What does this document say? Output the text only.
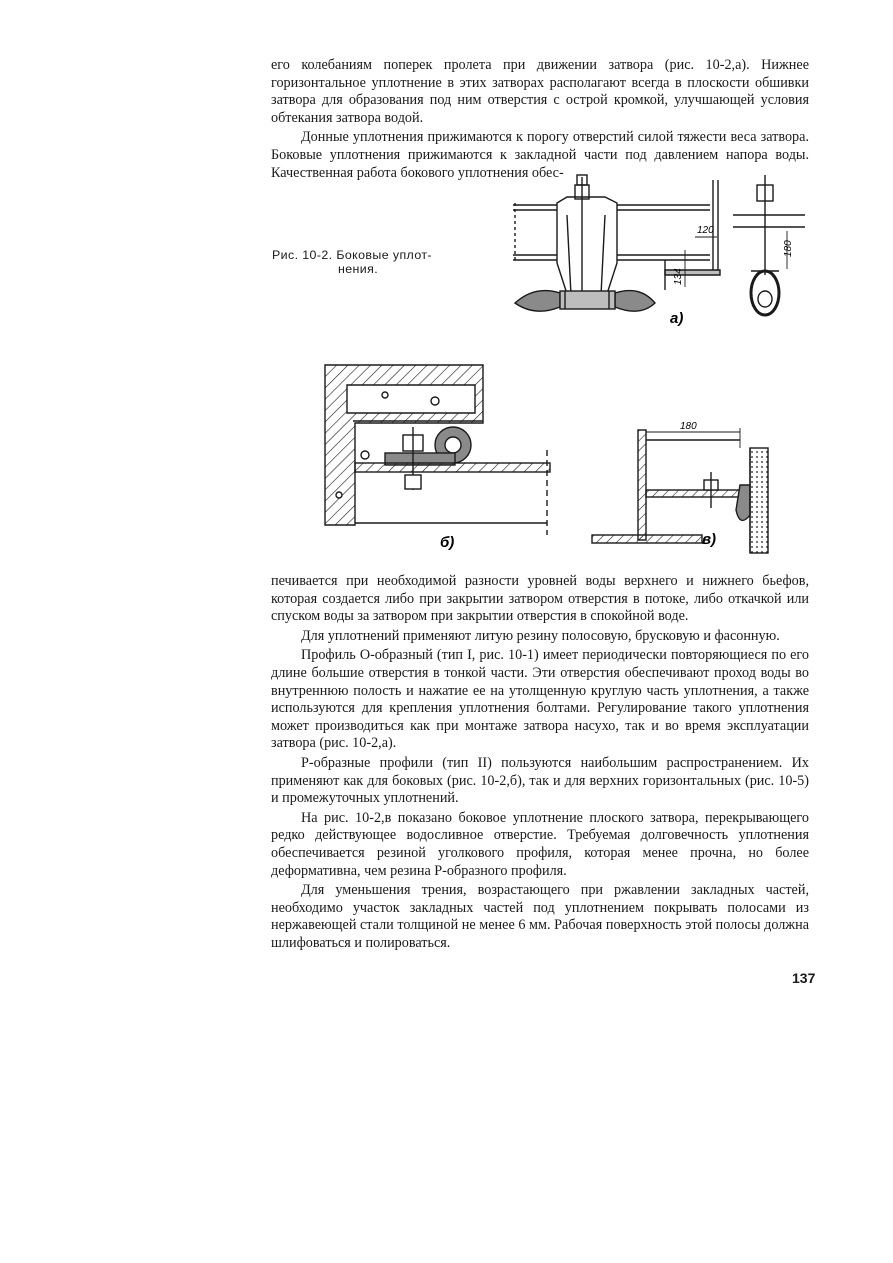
его колебаниям поперек пролета при движении затвора (рис. 10-2,а). Нижнее горизонтальное уплотнение в этих затворах располагают всегда в плоскости обшивки затвора для образования под ним отверстия с острой кромкой, улучшающей условия обтекания затвора водой.

Донные уплотнения прижимаются к порогу отверстий силой тяжести веса затвора. Боковые уплотнения прижимаются к закладной части под давлением напора воды. Качественная работа бокового уплотнения обес-

Рис. 10-2. Боковые уплот-
нения.
120
180
134
а)
б)
180
в)

печивается при необходимой разности уровней воды верхнего и нижнего бьефов, которая создается либо при закрытии затвором отверстия в потоке, либо откачкой или спуском воды за затвором при закрытии отверстия в спокойной воде.

Для уплотнений применяют литую резину полосовую, брусковую и фасонную.

Профиль О-образный (тип I, рис. 10-1) имеет периодически повторяющиеся по его длине большие отверстия в тонкой части. Эти отверстия обеспечивают проход воды во внутреннюю полость и нажатие ее на утолщенную круглую часть уплотнения, а также используются для крепления уплотнения болтами. Регулирование такого уплотнения может производиться как при монтаже затвора насухо, так и во время эксплуатации затвора (рис. 10-2,а).

Р-образные профили (тип II) пользуются наибольшим распространением. Их применяют как для боковых (рис. 10-2,б), так и для верхних горизонтальных (рис. 10-5) и промежуточных уплотнений.

На рис. 10-2,в показано боковое уплотнение плоского затвора, перекрывающего редко действующее водосливное отверстие. Требуемая долговечность уплотнения обеспечивается резиной уголкового профиля, которая менее прочна, но более деформативна, чем резина Р-образного профиля.

Для уменьшения трения, возрастающего при ржавлении закладных частей, необходимо участок закладных частей под уплотнением покрывать полосами из нержавеющей стали толщиной не менее 6 мм. Рабочая поверхность этой полосы должна шлифоваться и полироваться.

137
